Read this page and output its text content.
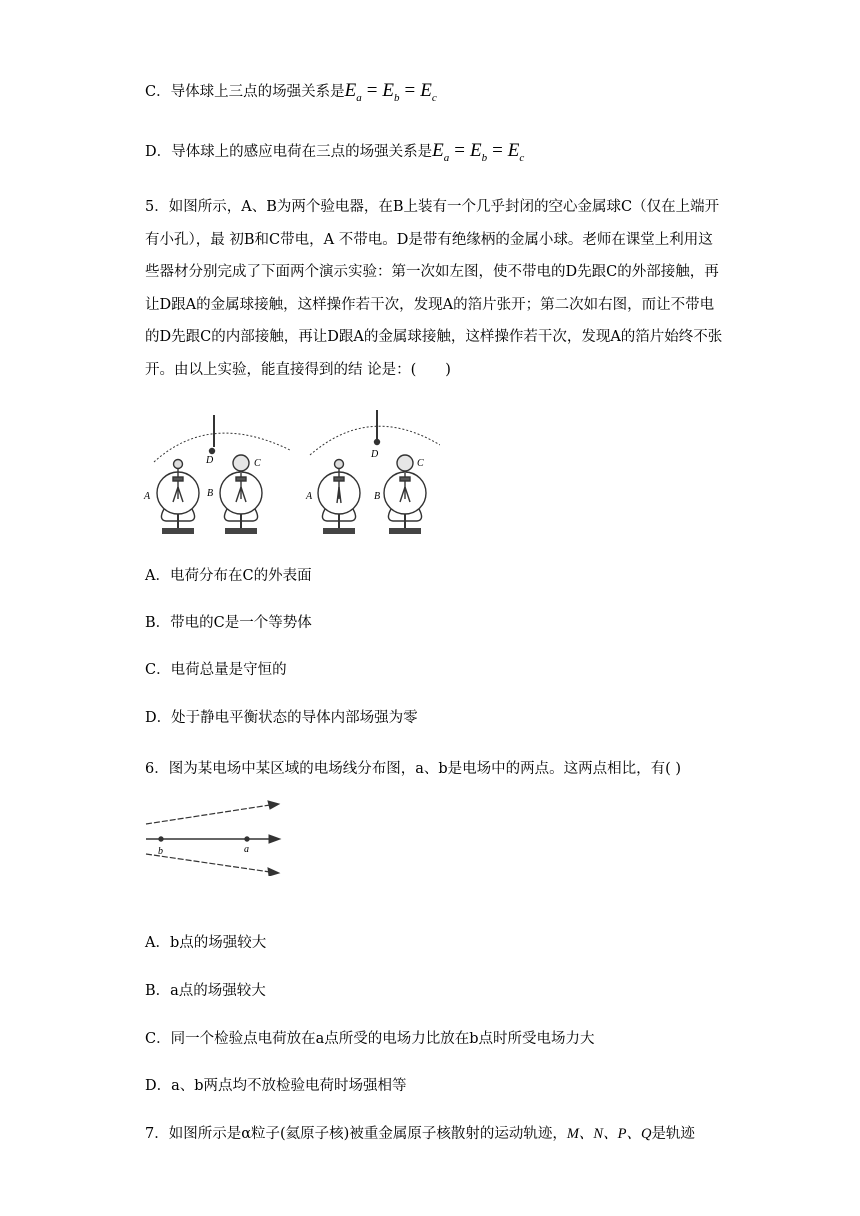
C．导体球上三点的场强关系是$E_a = E_b = E_c$
D．导体球上的感应电荷在三点的场强关系是$E_a = E_b = E_c$
5．如图所示，A、B为两个验电器，在B上装有一个几乎封闭的空心金属球C（仅在上端开有小孔），最 初B和C带电，A 不带电。D是带有绝缘柄的金属小球。老师在课堂上利用这些器材分别完成了下面两个演示实验：第一次如左图，使不带电的D先跟C的外部接触，再让D跟A的金属球接触，这样操作若干次，发现A的箔片张开；第二次如右图，而让不带电的D先跟C的内部接触，再让D跟A的金属球接触，这样操作若干次，发现A的箔片始终不张开。由以上实验，能直接得到的结 论是：(　　)
A	B
C
D
A	B
C
D
A．电荷分布在C的外表面
B．带电的C是一个等势体
C．电荷总量是守恒的
D．处于静电平衡状态的导体内部场强为零
6．图为某电场中某区域的电场线分布图，a、b是电场中的两点。这两点相比，有( )
b	a
A．b点的场强较大
B．a点的场强较大
C．同一个检验点电荷放在a点所受的电场力比放在b点时所受电场力大
D．a、b两点均不放检验电荷时场强相等
7．如图所示是α粒子(氦原子核)被重金属原子核散射的运动轨迹，M、N、P、Q是轨迹
